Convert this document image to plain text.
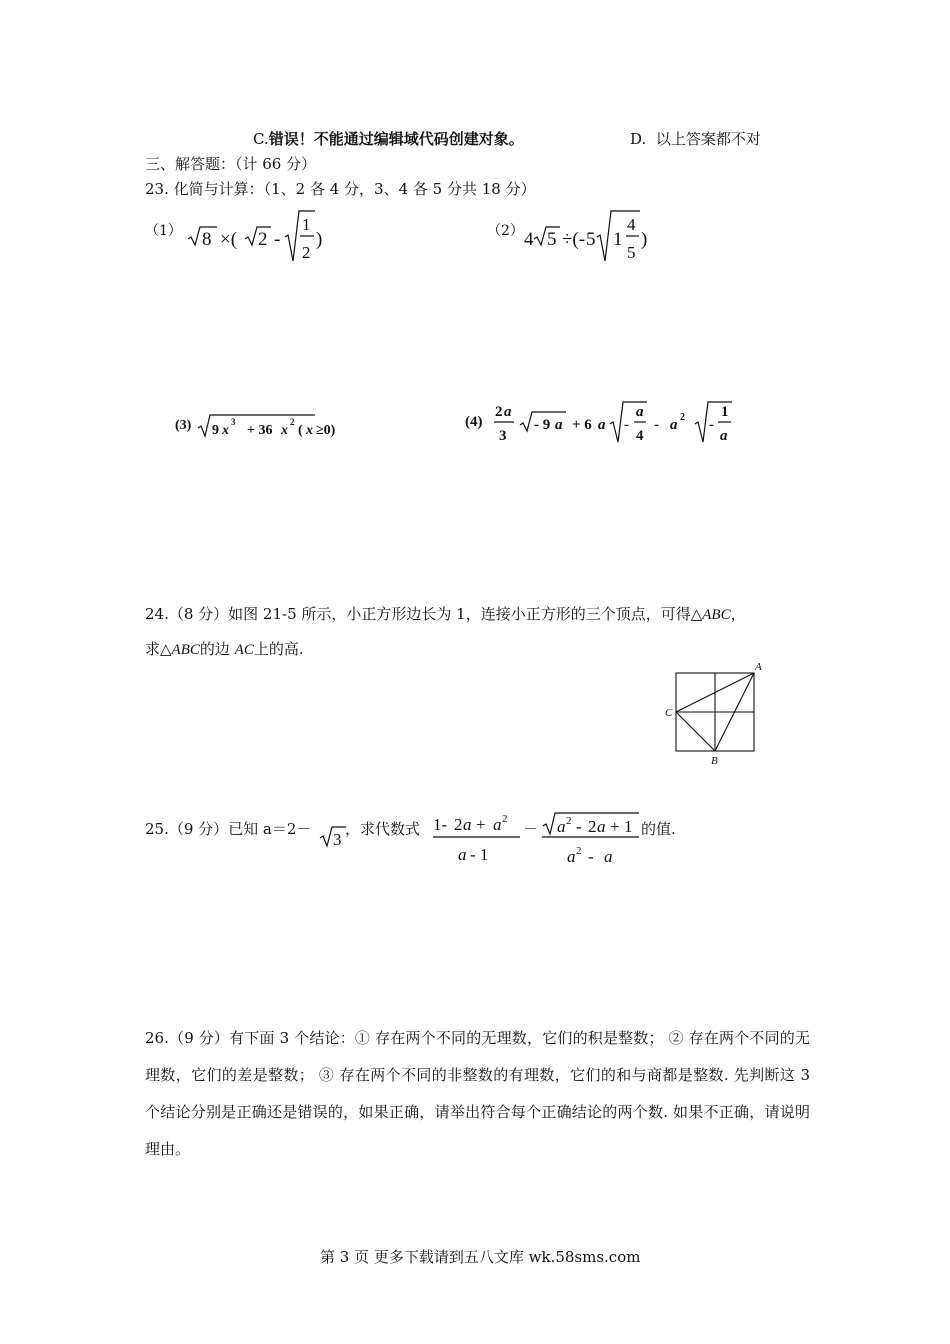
C.错误！不能通过编辑域代码创建对象。	D. 以上答案都不对
三、解答题：（计 66 分）
23. 化简与计算：（1、2 各 4 分，3、4 各 5 分共 18 分）
（1） 8 ×( 2 -
1
2
)	（2） 4 5 ÷(- 5 1
4
5
)
(3) 9 x
3
+ 36 x
2
( x ≥0)
(4)
2 a
3
- 9 a + 6 a -
a
4
- a 2 -
1
a
24.（8 分）如图 21-5 所示，小正方形边长为 1，连接小正方形的三个顶点，可得△ABC，
求△ABC的边 AC上的高.
A
B
C
25.（9 分）已知 a＝2－
3
，求代数式 1- 2 a + a 2
a - 1
－ a 2 - 2 a + 1
a 2 - a
的值.
26.（9 分）有下面 3 个结论：① 存在两个不同的无理数，它们的积是整数； ② 存在两个不同的无理数，它们的差是整数； ③ 存在两个不同的非整数的有理数，它们的和与商都是整数. 先判断这 3 个结论分别是正确还是错误的，如果正确，请举出符合每个正确结论的两个数. 如果不正确，请说明理由。
第 3 页 更多下载请到五八文库 wk.58sms.com
